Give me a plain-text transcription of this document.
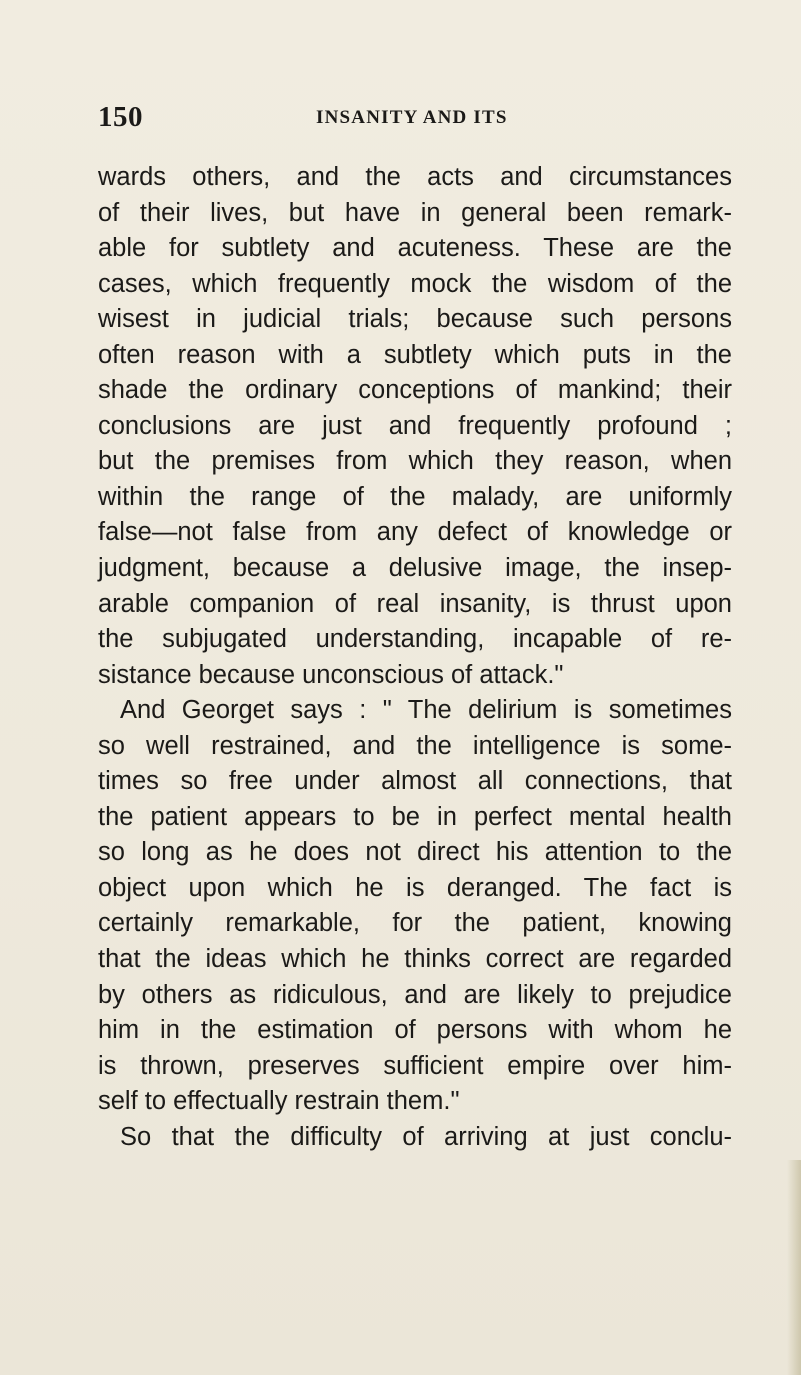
150	INSANITY AND ITS
wards others, and the acts and circumstances
of their lives, but have in general been remark-
able for subtlety and acuteness. These are the
cases, which frequently mock the wisdom of the
wisest in judicial trials; because such persons
often reason with a subtlety which puts in the
shade the ordinary conceptions of mankind; their
conclusions are just and frequently profound ;
but the premises from which they reason, when
within the range of the malady, are uniformly
false—not false from any defect of knowledge or
judgment, because a delusive image, the insep-
arable companion of real insanity, is thrust upon
the subjugated understanding, incapable of re-
sistance because unconscious of attack."
And Georget says : " The delirium is sometimes
so well restrained, and the intelligence is some-
times so free under almost all connections, that
the patient appears to be in perfect mental health
so long as he does not direct his attention to the
object upon which he is deranged. The fact is
certainly remarkable, for the patient, knowing
that the ideas which he thinks correct are regarded
by others as ridiculous, and are likely to prejudice
him in the estimation of persons with whom he
is thrown, preserves sufficient empire over him-
self to effectually restrain them."
So that the difficulty of arriving at just conclu-
